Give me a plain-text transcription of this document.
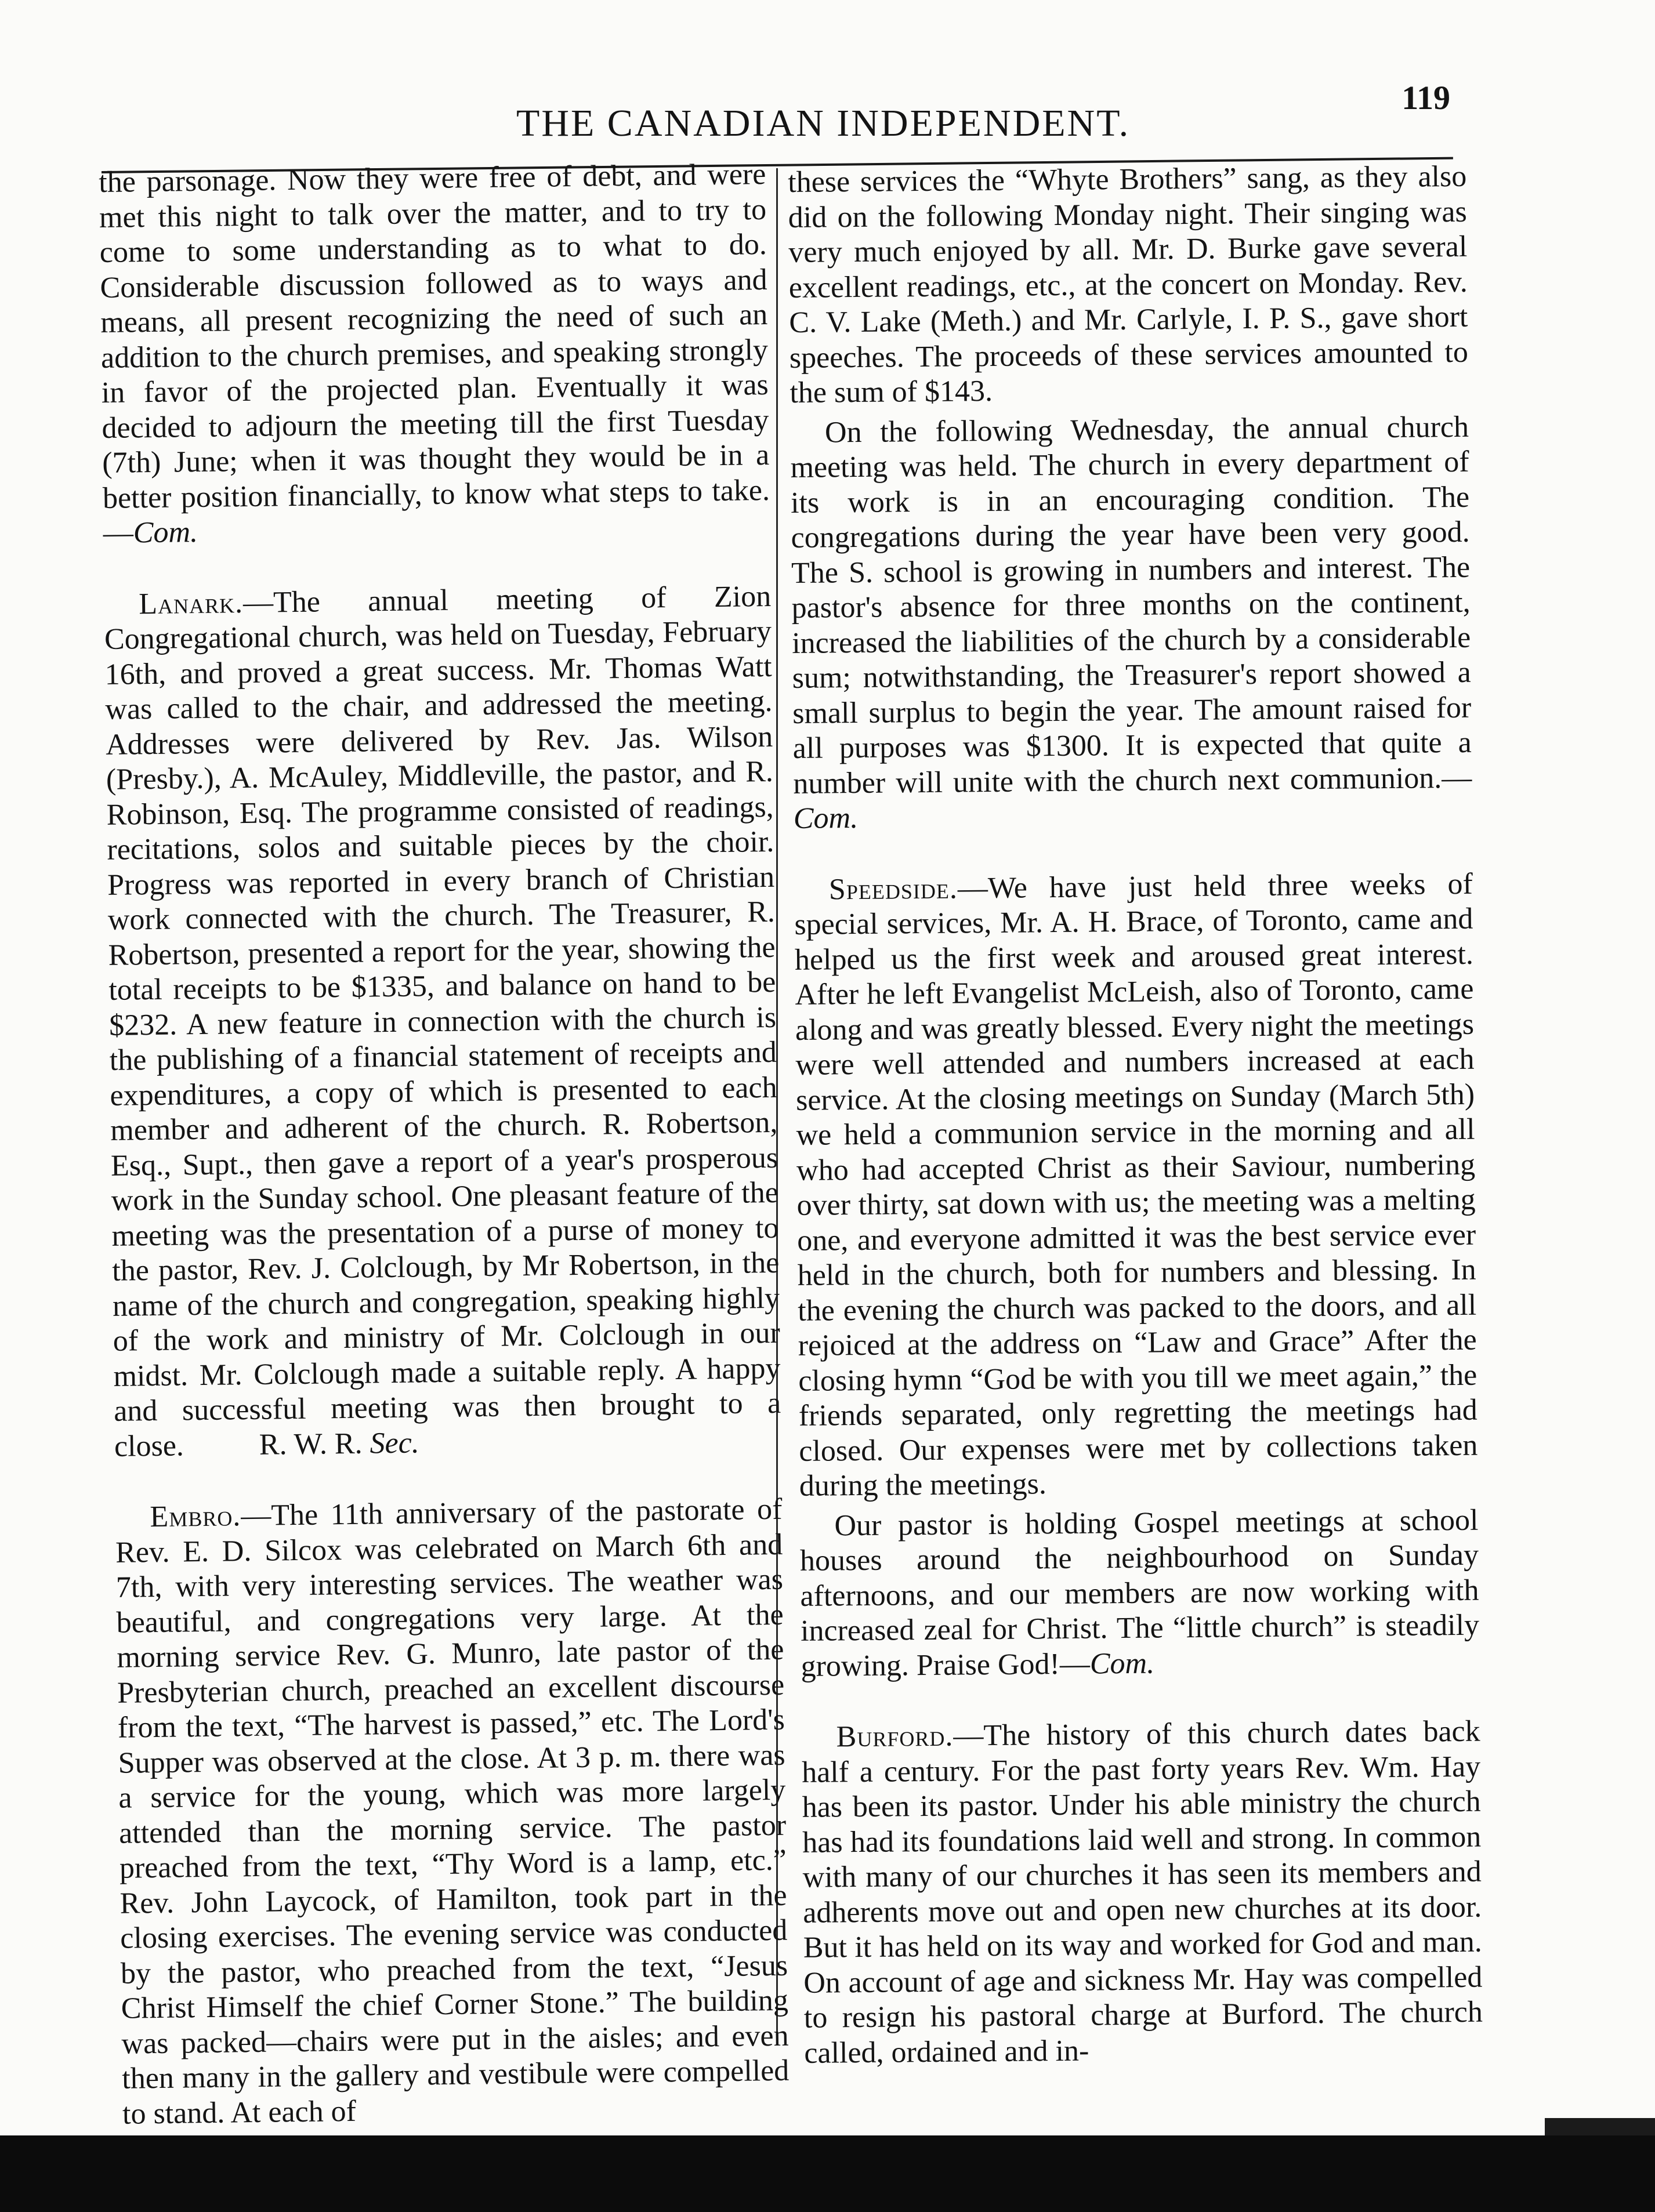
THE CANADIAN INDEPENDENT.
119

the parsonage. Now they were free of debt, and were met this night to talk over the matter, and to try to come to some understanding as to what to do. Considerable discussion followed as to ways and means, all present recognizing the need of such an addition to the church premises, and speaking strongly in favor of the projected plan. Eventually it was decided to adjourn the meeting till the first Tuesday (7th) June; when it was thought they would be in a better position financially, to know what steps to take.—Com.

Lanark.—The annual meeting of Zion Congregational church, was held on Tuesday, February 16th, and proved a great success. Mr. Thomas Watt was called to the chair, and addressed the meeting. Addresses were delivered by Rev. Jas. Wilson (Presby.), A. McAuley, Middleville, the pastor, and R. Robinson, Esq. The programme consisted of readings, recitations, solos and suitable pieces by the choir. Progress was reported in every branch of Christian work connected with the church. The Treasurer, R. Robertson, presented a report for the year, showing the total receipts to be $1335, and balance on hand to be $232. A new feature in connection with the church is the publishing of a financial statement of receipts and expenditures, a copy of which is presented to each member and adherent of the church. R. Robertson, Esq., Supt., then gave a report of a year's prosperous work in the Sunday school. One pleasant feature of the meeting was the presentation of a purse of money to the pastor, Rev. J. Colclough, by Mr Robertson, in the name of the church and congregation, speaking highly of the work and ministry of Mr. Colclough in our midst. Mr. Colclough made a suitable reply. A happy and successful meeting was then brought to a close. R. W. R. Sec.

Embro.—The 11th anniversary of the pastorate of Rev. E. D. Silcox was celebrated on March 6th and 7th, with very interesting services. The weather was beautiful, and congregations very large. At the morning service Rev. G. Munro, late pastor of the Presbyterian church, preached an excellent discourse from the text, “The harvest is passed,” etc. The Lord's Supper was observed at the close. At 3 p. m. there was a service for the young, which was more largely attended than the morning service. The pastor preached from the text, “Thy Word is a lamp, etc.” Rev. John Laycock, of Hamilton, took part in the closing exercises. The evening service was conducted by the pastor, who preached from the text, “Jesus Christ Himself the chief Corner Stone.” The building was packed—chairs were put in the aisles; and even then many in the gallery and vestibule were compelled to stand. At each of

these services the “Whyte Brothers” sang, as they also did on the following Monday night. Their singing was very much enjoyed by all. Mr. D. Burke gave several excellent readings, etc., at the concert on Monday. Rev. C. V. Lake (Meth.) and Mr. Carlyle, I. P. S., gave short speeches. The proceeds of these services amounted to the sum of $143.

On the following Wednesday, the annual church meeting was held. The church in every department of its work is in an encouraging condition. The congregations during the year have been very good. The S. school is growing in numbers and interest. The pastor's absence for three months on the continent, increased the liabilities of the church by a considerable sum; notwithstanding, the Treasurer's report showed a small surplus to begin the year. The amount raised for all purposes was $1300. It is expected that quite a number will unite with the church next communion.—Com.

Speedside.—We have just held three weeks of special services, Mr. A. H. Brace, of Toronto, came and helped us the first week and aroused great interest. After he left Evangelist McLeish, also of Toronto, came along and was greatly blessed. Every night the meetings were well attended and numbers increased at each service. At the closing meetings on Sunday (March 5th) we held a communion service in the morning and all who had accepted Christ as their Saviour, numbering over thirty, sat down with us; the meeting was a melting one, and everyone admitted it was the best service ever held in the church, both for numbers and blessing. In the evening the church was packed to the doors, and all rejoiced at the address on “Law and Grace” After the closing hymn “God be with you till we meet again,” the friends separated, only regretting the meetings had closed. Our expenses were met by collections taken during the meetings.

Our pastor is holding Gospel meetings at school houses around the neighbourhood on Sunday afternoons, and our members are now working with increased zeal for Christ. The “little church” is steadily growing. Praise God!—Com.

Burford.—The history of this church dates back half a century. For the past forty years Rev. Wm. Hay has been its pastor. Under his able ministry the church has had its foundations laid well and strong. In common with many of our churches it has seen its members and adherents move out and open new churches at its door. But it has held on its way and worked for God and man. On account of age and sickness Mr. Hay was compelled to resign his pastoral charge at Burford. The church called, ordained and in-
